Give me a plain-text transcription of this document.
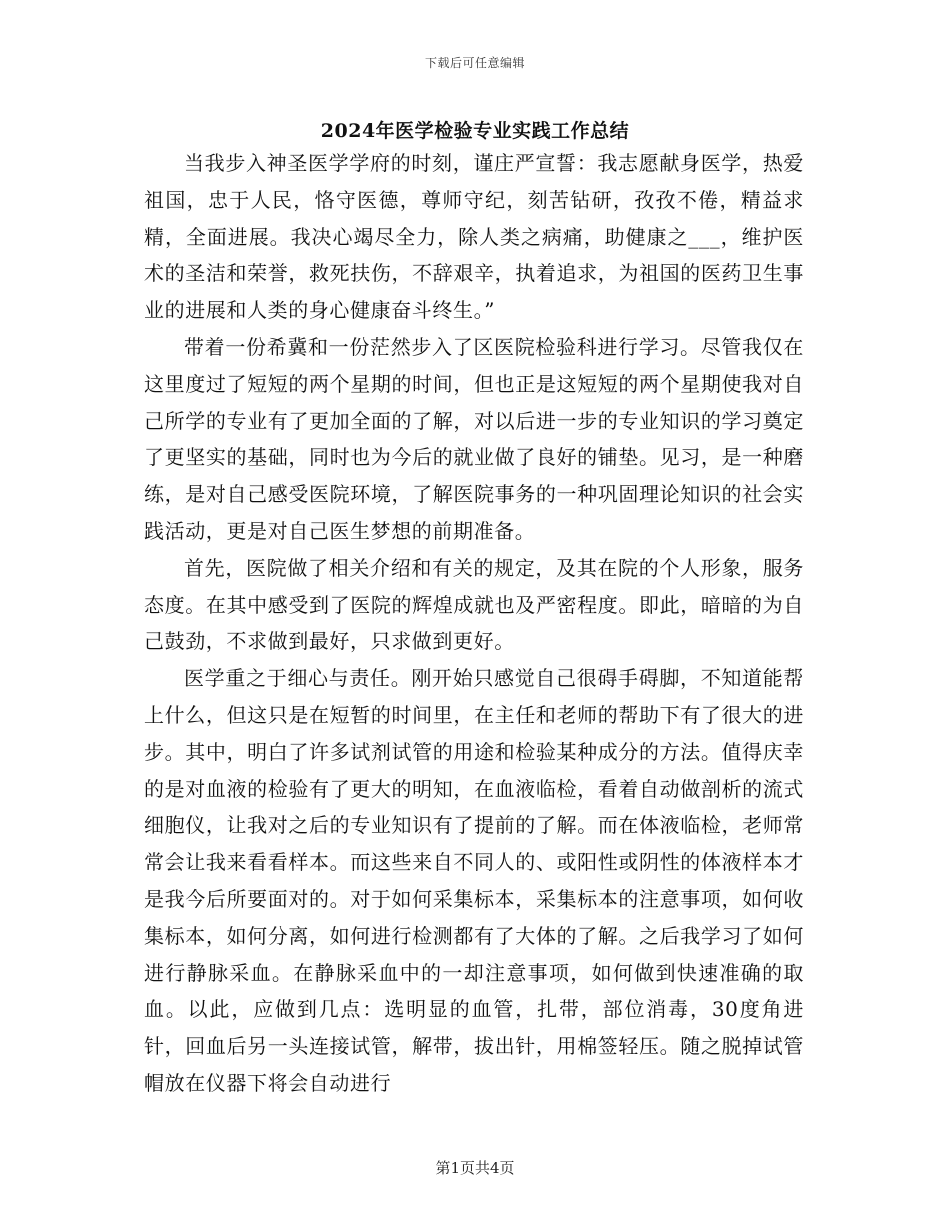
下载后可任意编辑
2024年医学检验专业实践工作总结

当我步入神圣医学学府的时刻，谨庄严宣誓：我志愿献身医学，热爱祖国，忠于人民，恪守医德，尊师守纪，刻苦钻研，孜孜不倦，精益求精，全面进展。我决心竭尽全力，除人类之病痛，助健康之___，维护医术的圣洁和荣誉，救死扶伤，不辞艰辛，执着追求，为祖国的医药卫生事业的进展和人类的身心健康奋斗终生。”

带着一份希冀和一份茫然步入了区医院检验科进行学习。尽管我仅在这里度过了短短的两个星期的时间，但也正是这短短的两个星期使我对自己所学的专业有了更加全面的了解，对以后进一步的专业知识的学习奠定了更坚实的基础，同时也为今后的就业做了良好的铺垫。见习，是一种磨练，是对自己感受医院环境，了解医院事务的一种巩固理论知识的社会实践活动，更是对自己医生梦想的前期准备。

首先，医院做了相关介绍和有关的规定，及其在院的个人形象，服务态度。在其中感受到了医院的辉煌成就也及严密程度。即此，暗暗的为自己鼓劲，不求做到最好，只求做到更好。

医学重之于细心与责任。刚开始只感觉自己很碍手碍脚，不知道能帮上什么，但这只是在短暂的时间里，在主任和老师的帮助下有了很大的进步。其中，明白了许多试剂试管的用途和检验某种成分的方法。值得庆幸的是对血液的检验有了更大的明知，在血液临检，看着自动做剖析的流式细胞仪，让我对之后的专业知识有了提前的了解。而在体液临检，老师常常会让我来看看样本。而这些来自不同人的、或阳性或阴性的体液样本才是我今后所要面对的。对于如何采集标本，采集标本的注意事项，如何收集标本，如何分离，如何进行检测都有了大体的了解。之后我学习了如何进行静脉采血。在静脉采血中的一却注意事项，如何做到快速准确的取血。以此，应做到几点：选明显的血管，扎带，部位消毒，30度角进针，回血后另一头连接试管，解带，拔出针，用棉签轻压。随之脱掉试管帽放在仪器下将会自动进行

第1页共4页
